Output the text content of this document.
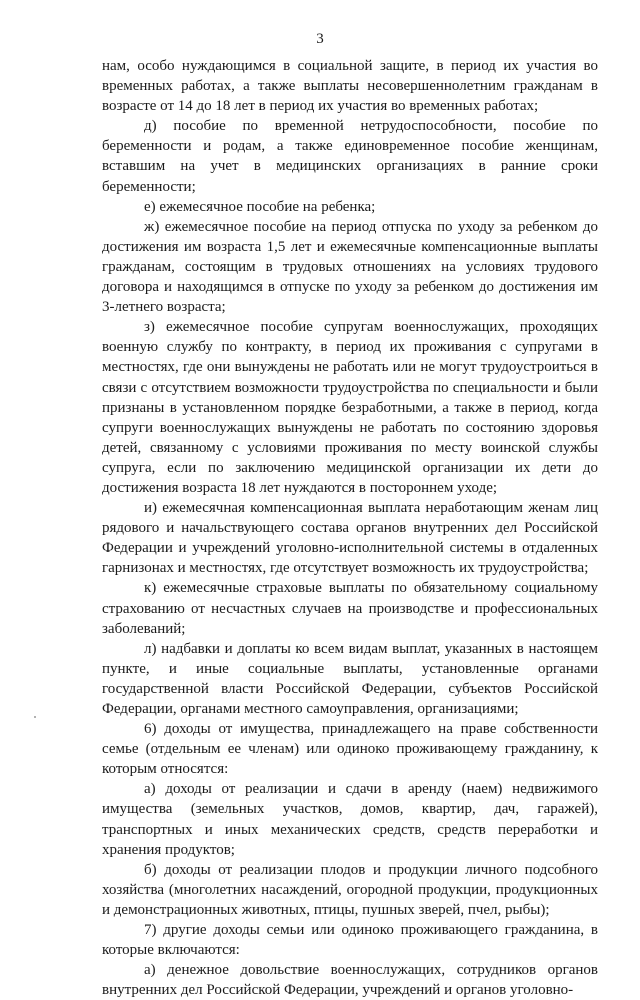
3

нам, особо нуждающимся в социальной защите, в период их участия во временных работах, а также выплаты несовершеннолетним гражданам в возрасте от 14 до 18 лет в период их участия во временных работах;

д) пособие по временной нетрудоспособности, пособие по беременности и родам, а также единовременное пособие женщинам, вставшим на учет в медицинских организациях в ранние сроки беременности;

е) ежемесячное пособие на ребенка;

ж) ежемесячное пособие на период отпуска по уходу за ребенком до достижения им возраста 1,5 лет и ежемесячные компенсационные выплаты гражданам, состоящим в трудовых отношениях на условиях трудового договора и находящимся в отпуске по уходу за ребенком до достижения им 3-летнего возраста;

з) ежемесячное пособие супругам военнослужащих, проходящих военную службу по контракту, в период их проживания с супругами в местностях, где они вынуждены не работать или не могут трудоустроиться в связи с отсутствием возможности трудоустройства по специальности и были признаны в установленном порядке безработными, а также в период, когда супруги военнослужащих вынуждены не работать по состоянию здоровья детей, связанному с условиями проживания по месту воинской службы супруга, если по заключению медицинской организации их дети до достижения возраста 18 лет нуждаются в постороннем уходе;

и) ежемесячная компенсационная выплата неработающим женам лиц рядового и начальствующего состава органов внутренних дел Российской Федерации и учреждений уголовно-исполнительной системы в отдаленных гарнизонах и местностях, где отсутствует возможность их трудоустройства;

к) ежемесячные страховые выплаты по обязательному социальному страхованию от несчастных случаев на производстве и профессиональных заболеваний;

л) надбавки и доплаты ко всем видам выплат, указанных в настоящем пункте, и иные социальные выплаты, установленные органами государственной власти Российской Федерации, субъектов Российской Федерации, органами местного самоуправления, организациями;

6) доходы от имущества, принадлежащего на праве собственности семье (отдельным ее членам) или одиноко проживающему гражданину, к которым относятся:

а) доходы от реализации и сдачи в аренду (наем) недвижимого имущества (земельных участков, домов, квартир, дач, гаражей), транспортных и иных механических средств, средств переработки и хранения продуктов;

б) доходы от реализации плодов и продукции личного подсобного хозяйства (многолетних насаждений, огородной продукции, продукционных и демонстрационных животных, птицы, пушных зверей, пчел, рыбы);

7) другие доходы семьи или одиноко проживающего гражданина, в которые включаются:

а) денежное довольствие военнослужащих, сотрудников органов внутренних дел Российской Федерации, учреждений и органов уголовно-
